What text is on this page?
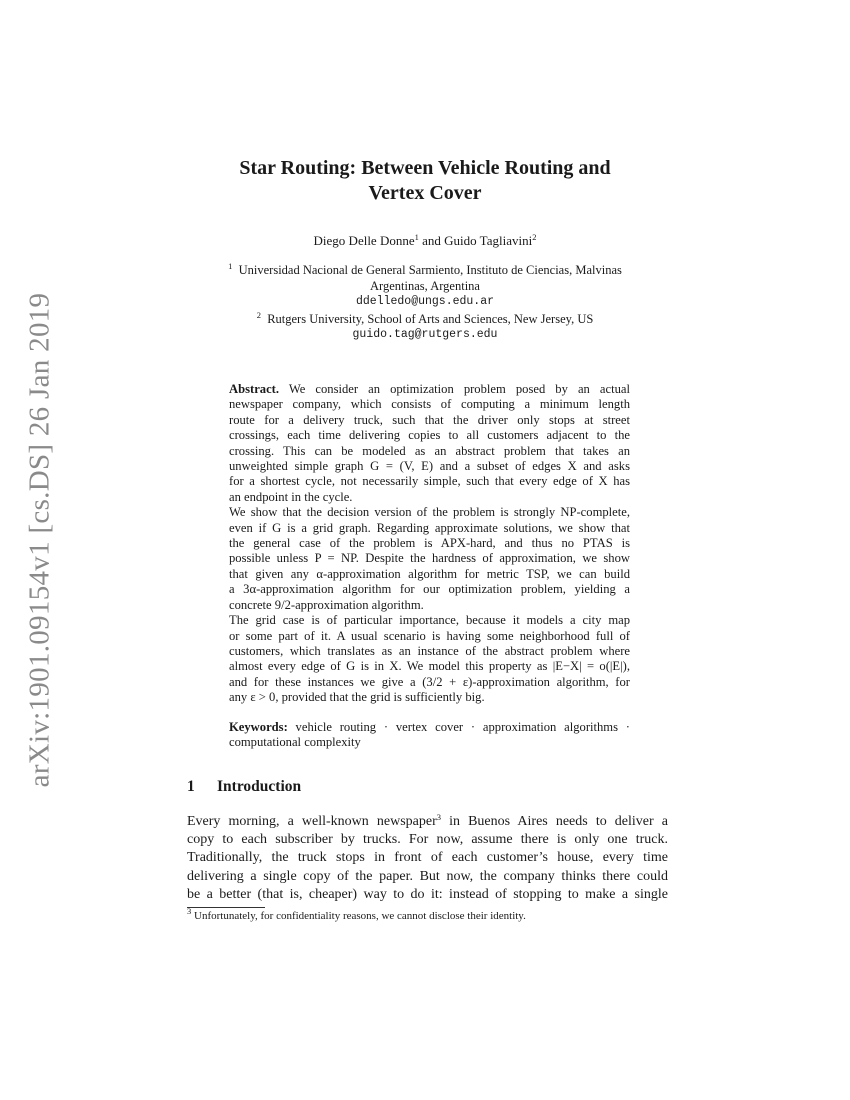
arXiv:1901.09154v1 [cs.DS] 26 Jan 2019
Star Routing: Between Vehicle Routing and
Vertex Cover
Diego Delle Donne$^1$ and Guido Tagliavini$^2$
$^1$ Universidad Nacional de General Sarmiento, Instituto de Ciencias, Malvinas
Argentinas, Argentina
ddelledo@ungs.edu.ar
$^2$ Rutgers University, School of Arts and Sciences, New Jersey, US
guido.tag@rutgers.edu
Abstract. We consider an optimization problem posed by an actual
newspaper company, which consists of computing a minimum length
route for a delivery truck, such that the driver only stops at street
crossings, each time delivering copies to all customers adjacent to the
crossing. This can be modeled as an abstract problem that takes an
unweighted simple graph G = (V, E) and a subset of edges X and asks
for a shortest cycle, not necessarily simple, such that every edge of X has
an endpoint in the cycle.
We show that the decision version of the problem is strongly NP-complete,
even if G is a grid graph. Regarding approximate solutions, we show that
the general case of the problem is APX-hard, and thus no PTAS is
possible unless P = NP. Despite the hardness of approximation, we show
that given any α-approximation algorithm for metric TSP, we can build
a 3α-approximation algorithm for our optimization problem, yielding a
concrete 9/2-approximation algorithm.
The grid case is of particular importance, because it models a city map
or some part of it. A usual scenario is having some neighborhood full of
customers, which translates as an instance of the abstract problem where
almost every edge of G is in X. We model this property as |E−X| = o(|E|),
and for these instances we give a (3/2 + ε)-approximation algorithm, for
any ε > 0, provided that the grid is sufficiently big.
Keywords: vehicle routing · vertex cover · approximation algorithms ·
computational complexity
1 Introduction
Every morning, a well-known newspaper$^3$ in Buenos Aires needs to deliver a
copy to each subscriber by trucks. For now, assume there is only one truck.
Traditionally, the truck stops in front of each customer’s house, every time
delivering a single copy of the paper. But now, the company thinks there could
be a better (that is, cheaper) way to do it: instead of stopping to make a single
$^3$ Unfortunately, for confidentiality reasons, we cannot disclose their identity.
